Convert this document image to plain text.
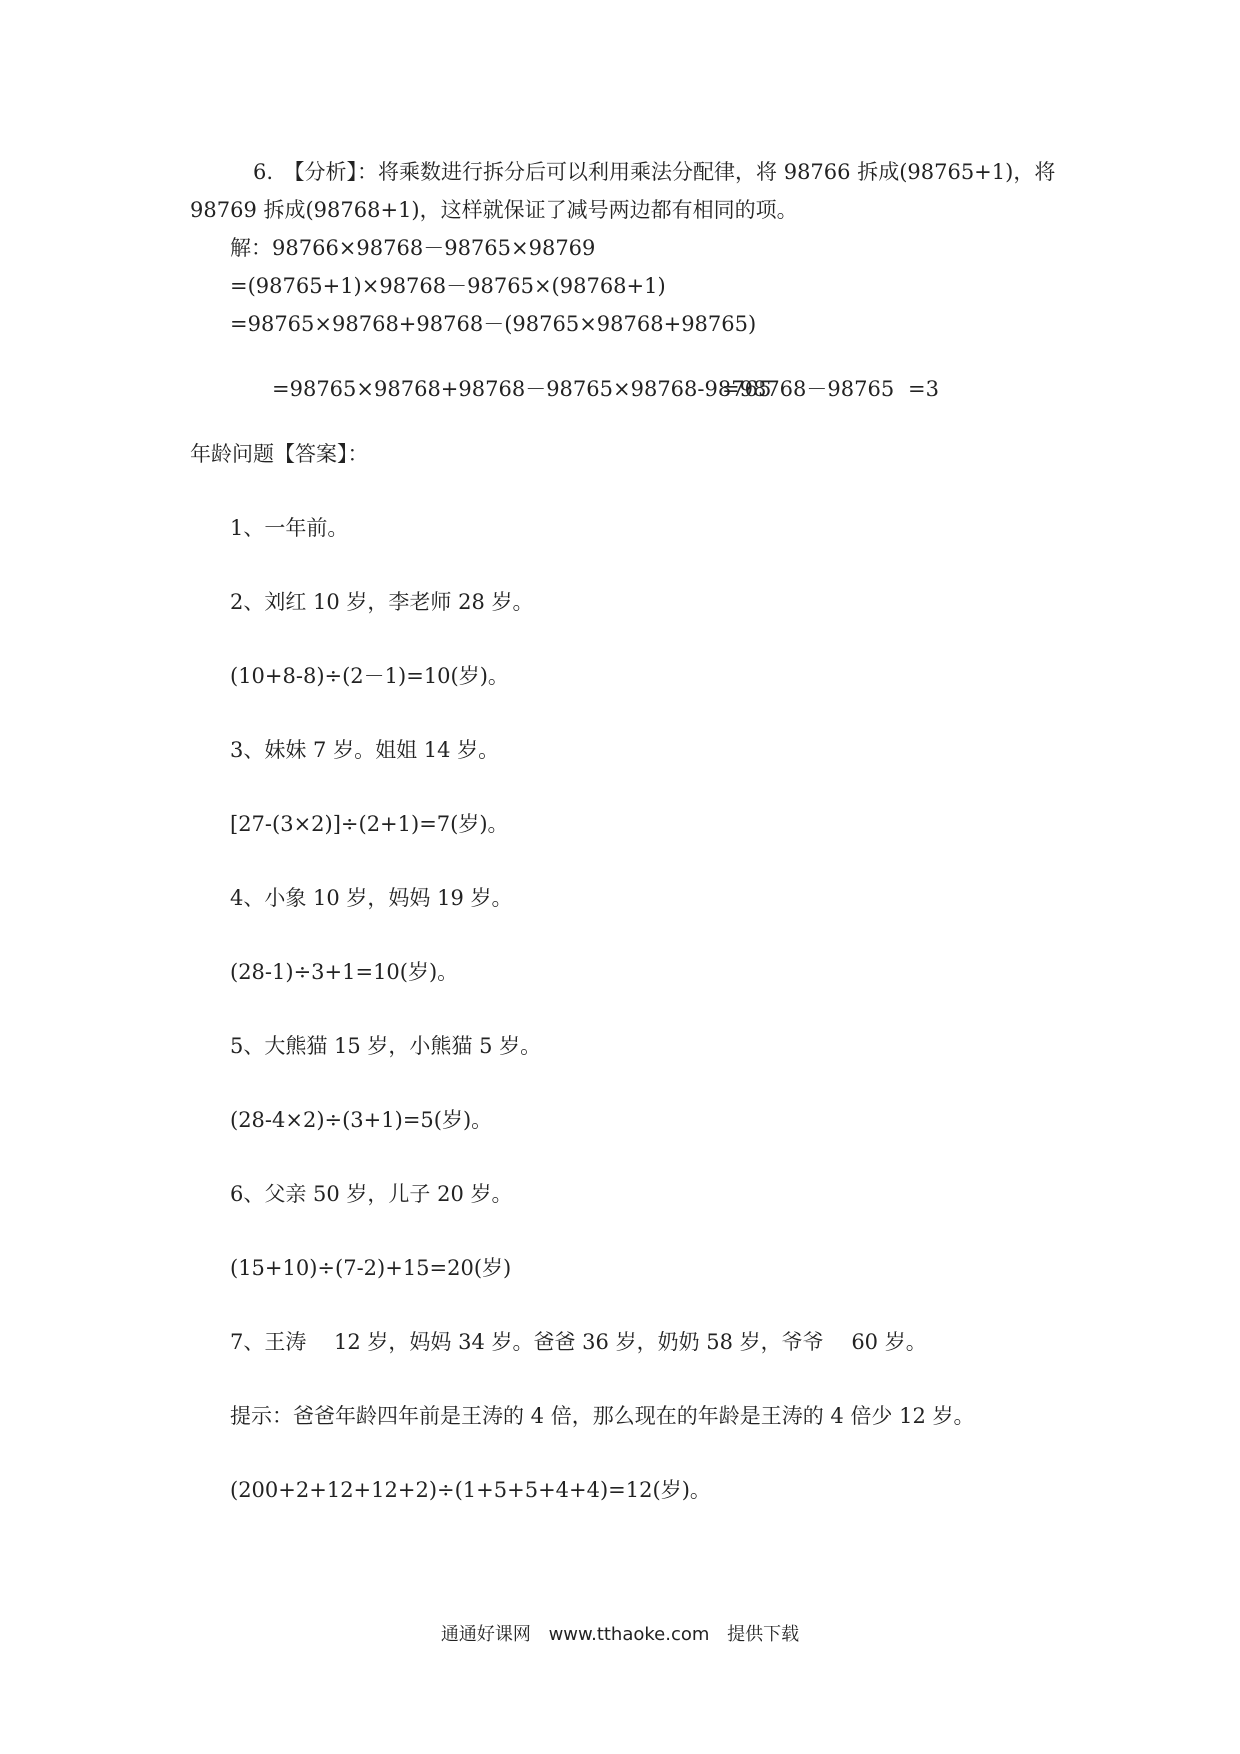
6.　【分析】：将乘数进行拆分后可以利用乘法分配律，将 98766 拆成(98765+1)，将
98769 拆成(98768+1)，这样就保证了减号两边都有相同的项。
解：98766×98768－98765×98769
=(98765+1)×98768－98765×(98768+1)
=98765×98768+98768－(98765×98768+98765)
=98765×98768+98768－98765×98768-98765
=98768－98765 =3
年龄问题【答案】：
1、一年前。
2、刘红 10 岁，李老师 28 岁。
(10+8-8)÷(2－1)=10(岁)。
3、妹妹 7 岁。姐姐 14 岁。
[27-(3×2)]÷(2+1)=7(岁)。
4、小象 10 岁，妈妈 19 岁。
(28-1)÷3+1=10(岁)。
5、大熊猫 15 岁，小熊猫 5 岁。
(28-4×2)÷(3+1)=5(岁)。
6、父亲 50 岁，儿子 20 岁。
(15+10)÷(7-2)+15=20(岁)
7、王涛　 12 岁，妈妈 34 岁。爸爸 36 岁，奶奶 58 岁，爷爷　 60 岁。
提示：爸爸年龄四年前是王涛的 4 倍，那么现在的年龄是王涛的 4 倍少 12 岁。
(200+2+12+12+2)÷(1+5+5+4+4)=12(岁)。
通通好课网 www.tthaoke.com 提供下载
